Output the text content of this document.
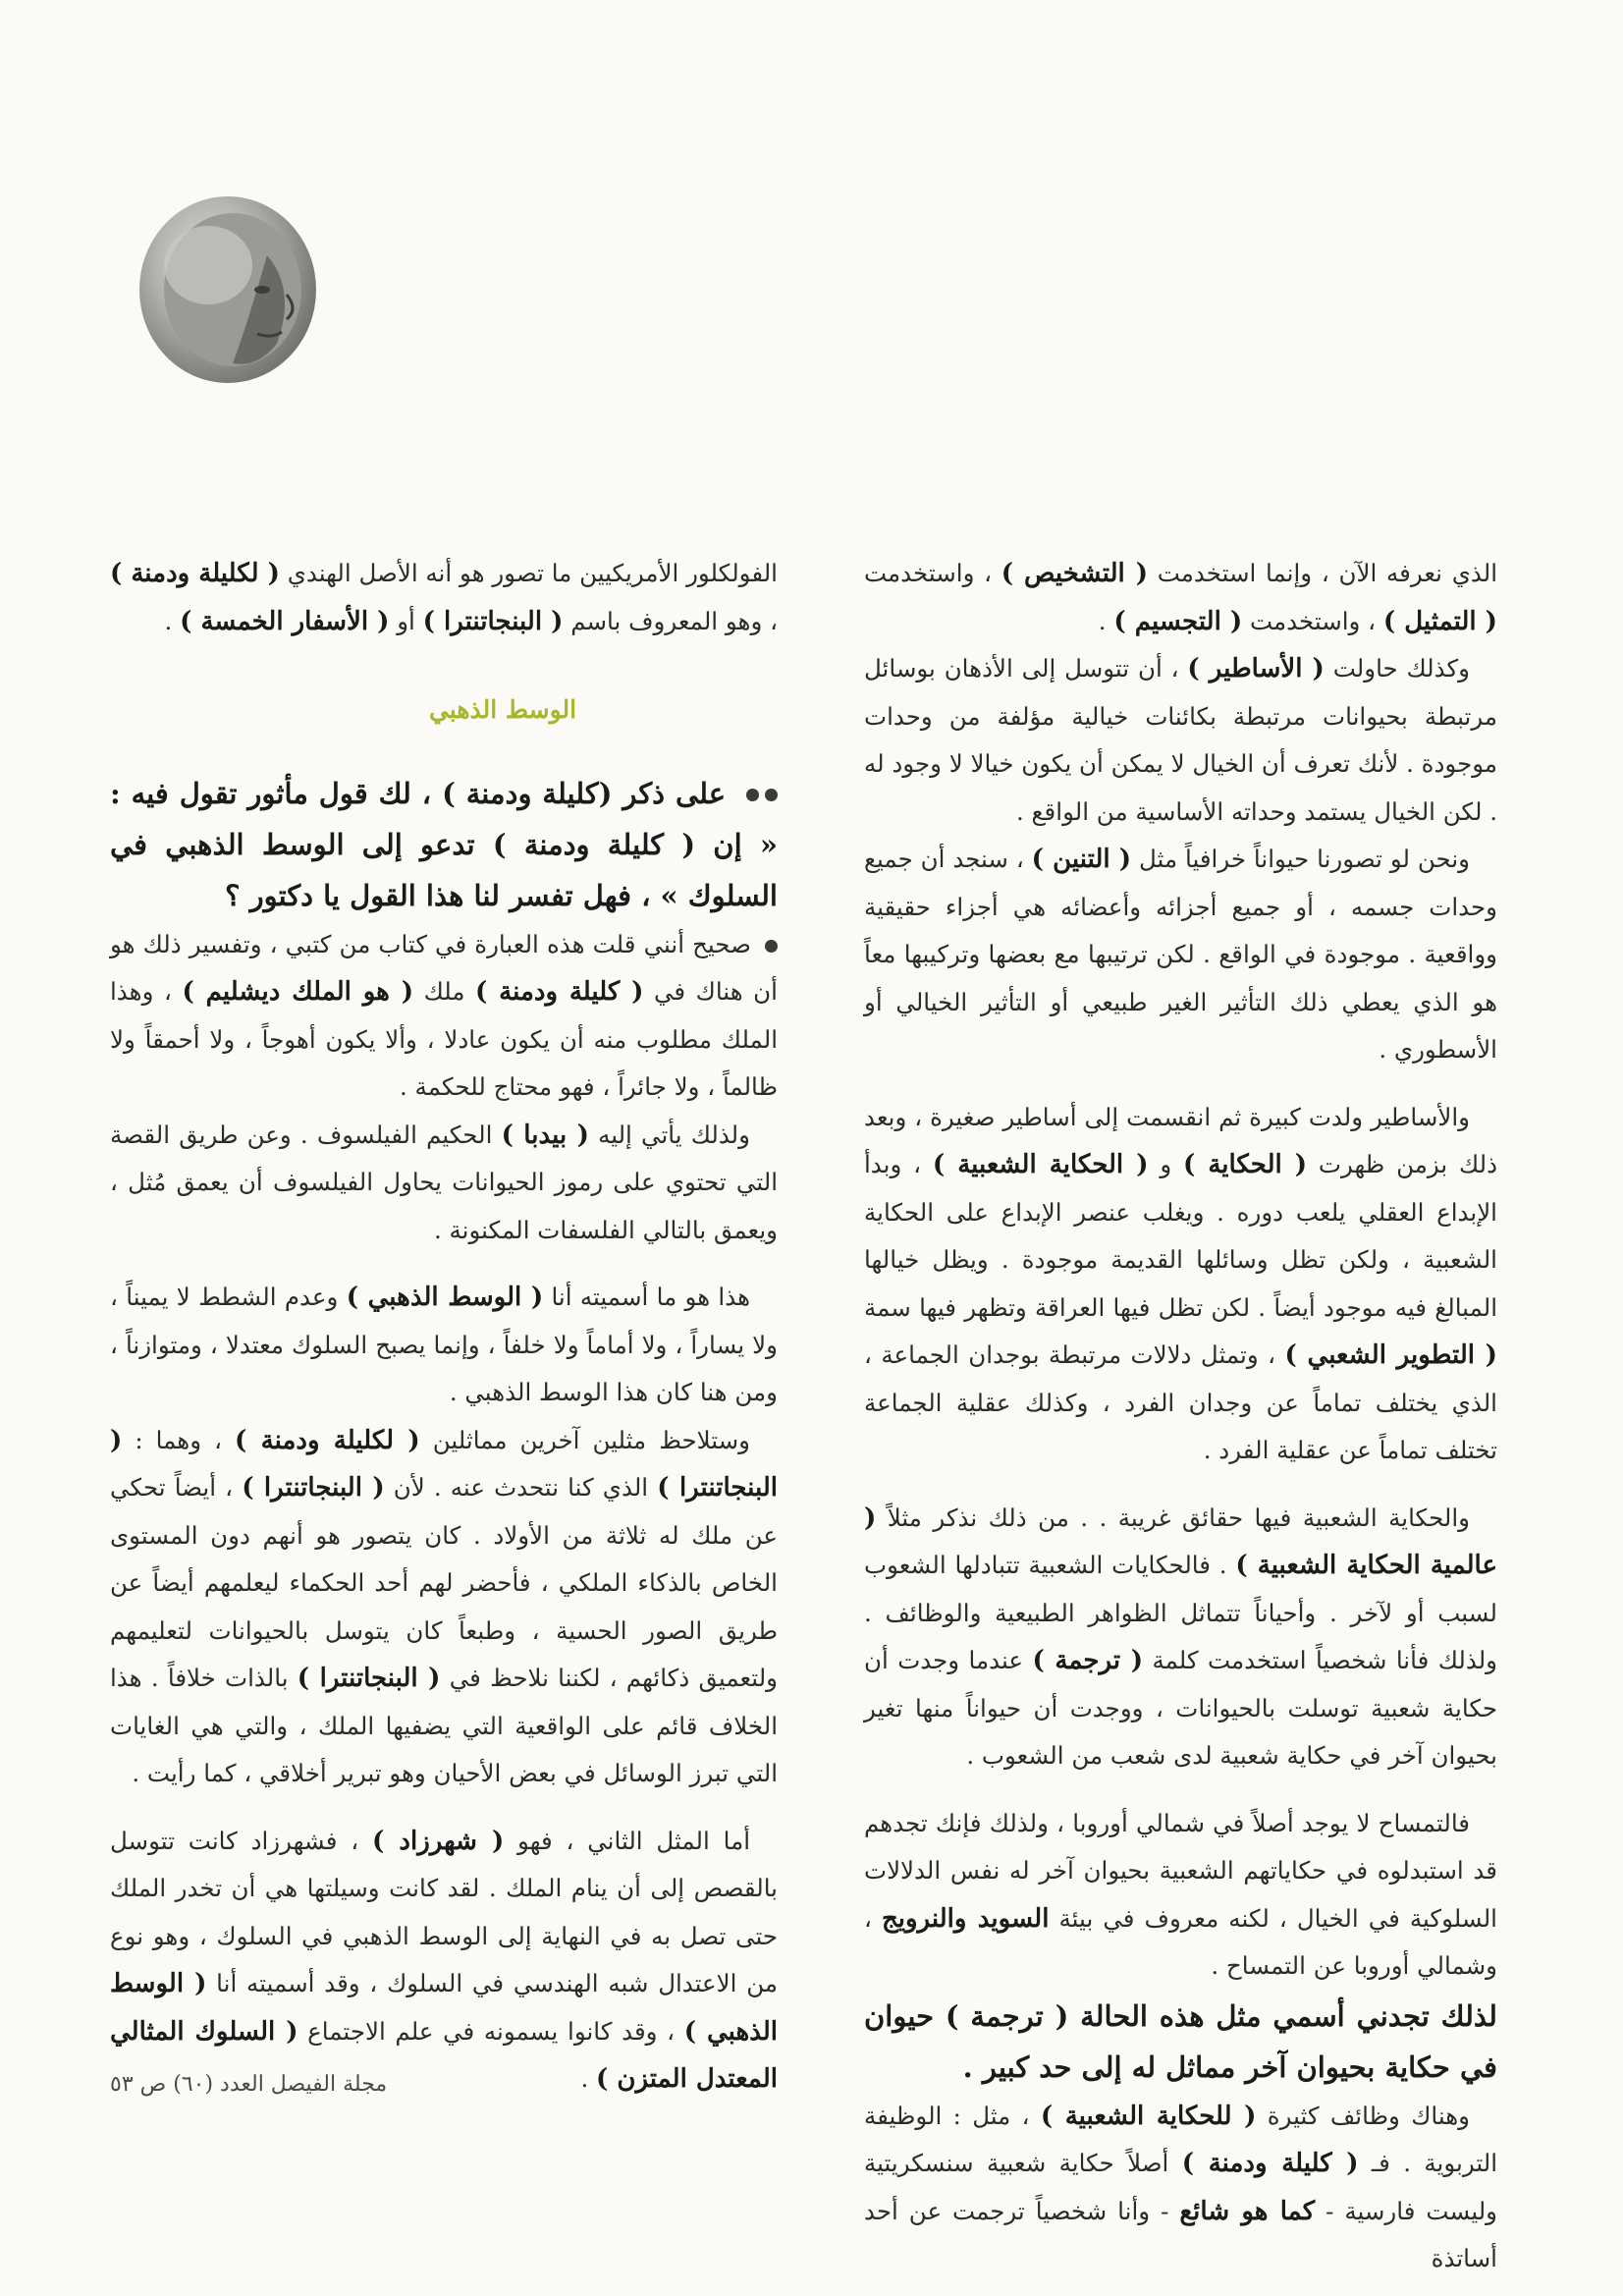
الذي نعرفه الآن ، وإنما استخدمت ( التشخيص ) ، واستخدمت ( التمثيل ) ، واستخدمت ( التجسيم ) .

وكذلك حاولت ( الأساطير ) ، أن تتوسل إلى الأذهان بوسائل مرتبطة بحيوانات مرتبطة بكائنات خيالية مؤلفة من وحدات موجودة . لأنك تعرف أن الخيال لا يمكن أن يكون خيالا لا وجود له . لكن الخيال يستمد وحداته الأساسية من الواقع .

ونحن لو تصورنا حيواناً خرافياً مثل ( التنين ) ، سنجد أن جميع وحدات جسمه ، أو جميع أجزائه وأعضائه هي أجزاء حقيقية وواقعية . موجودة في الواقع . لكن ترتيبها مع بعضها وتركيبها معاً هو الذي يعطي ذلك التأثير الغير طبيعي أو التأثير الخيالي أو الأسطوري .

والأساطير ولدت كبيرة ثم انقسمت إلى أساطير صغيرة ، وبعد ذلك بزمن ظهرت ( الحكاية ) و ( الحكاية الشعبية ) ، وبدأ الإبداع العقلي يلعب دوره . ويغلب عنصر الإبداع على الحكاية الشعبية ، ولكن تظل وسائلها القديمة موجودة . ويظل خيالها المبالغ فيه موجود أيضاً . لكن تظل فيها العراقة وتظهر فيها سمة ( التطوير الشعبي ) ، وتمثل دلالات مرتبطة بوجدان الجماعة ، الذي يختلف تماماً عن وجدان الفرد ، وكذلك عقلية الجماعة تختلف تماماً عن عقلية الفرد .

والحكاية الشعبية فيها حقائق غريبة . . من ذلك نذكر مثلاً ( عالمية الحكاية الشعبية ) . فالحكايات الشعبية تتبادلها الشعوب لسبب أو لآخر . وأحياناً تتماثل الظواهر الطبيعية والوظائف . ولذلك فأنا شخصياً استخدمت كلمة ( ترجمة ) عندما وجدت أن حكاية شعبية توسلت بالحيوانات ، ووجدت أن حيواناً منها تغير بحيوان آخر في حكاية شعبية لدى شعب من الشعوب .

فالتمساح لا يوجد أصلاً في شمالي أوروبا ، ولذلك فإنك تجدهم قد استبدلوه في حكاياتهم الشعبية بحيوان آخر له نفس الدلالات السلوكية في الخيال ، لكنه معروف في بيئة السويد والنرويج ، وشمالي أوروبا عن التمساح .

لذلك تجدني أسمي مثل هذه الحالة ( ترجمة ) حيوان في حكاية بحيوان آخر مماثل له إلى حد كبير .

وهناك وظائف كثيرة ( للحكاية الشعبية ) ، مثل : الوظيفة التربوية . فـ ( كليلة ودمنة ) أصلاً حكاية شعبية سنسكريتية وليست فارسية - كما هو شائع - وأنا شخصياً ترجمت عن أحد أساتذة

الفولكلور الأمريكيين ما تصور هو أنه الأصل الهندي ( لكليلة ودمنة ) ، وهو المعروف باسم ( البنجاتنترا ) أو ( الأسفار الخمسة ) .

الوسط الذهبي

على ذكر (كليلة ودمنة ) ، لك قول مأثور تقول فيه : « إن ( كليلة ودمنة ) تدعو إلى الوسط الذهبي في السلوك » ، فهل تفسر لنا هذا القول يا دكتور ؟

صحيح أنني قلت هذه العبارة في كتاب من كتبي ، وتفسير ذلك هو أن هناك في ( كليلة ودمنة ) ملك ( هو الملك ديشليم ) ، وهذا الملك مطلوب منه أن يكون عادلا ، وألا يكون أهوجاً ، ولا أحمقاً ولا ظالماً ، ولا جائراً ، فهو محتاج للحكمة .

ولذلك يأتي إليه ( بيدبا ) الحكيم الفيلسوف . وعن طريق القصة التي تحتوي على رموز الحيوانات يحاول الفيلسوف أن يعمق مُثل ، ويعمق بالتالي الفلسفات المكنونة .

هذا هو ما أسميته أنا ( الوسط الذهبي ) وعدم الشطط لا يميناً ، ولا يساراً ، ولا أماماً ولا خلفاً ، وإنما يصبح السلوك معتدلا ، ومتوازناً ، ومن هنا كان هذا الوسط الذهبي .

وستلاحظ مثلين آخرين مماثلين ( لكليلة ودمنة ) ، وهما : ( البنجاتنترا ) الذي كنا نتحدث عنه . لأن ( البنجاتنترا ) ، أيضاً تحكي عن ملك له ثلاثة من الأولاد . كان يتصور هو أنهم دون المستوى الخاص بالذكاء الملكي ، فأحضر لهم أحد الحكماء ليعلمهم أيضاً عن طريق الصور الحسية ، وطبعاً كان يتوسل بالحيوانات لتعليمهم ولتعميق ذكائهم ، لكننا نلاحظ في ( البنجاتنترا ) بالذات خلافاً . هذا الخلاف قائم على الواقعية التي يضفيها الملك ، والتي هي الغايات التي تبرز الوسائل في بعض الأحيان وهو تبرير أخلاقي ، كما رأيت .

أما المثل الثاني ، فهو ( شهرزاد ) ، فشهرزاد كانت تتوسل بالقصص إلى أن ينام الملك . لقد كانت وسيلتها هي أن تخدر الملك حتى تصل به في النهاية إلى الوسط الذهبي في السلوك ، وهو نوع من الاعتدال شبه الهندسي في السلوك ، وقد أسميته أنا ( الوسط الذهبي ) ، وقد كانوا يسمونه في علم الاجتماع ( السلوك المثالي المعتدل المتزن ) .

مجلة الفيصل العدد (٦٠) ص ٥٣
